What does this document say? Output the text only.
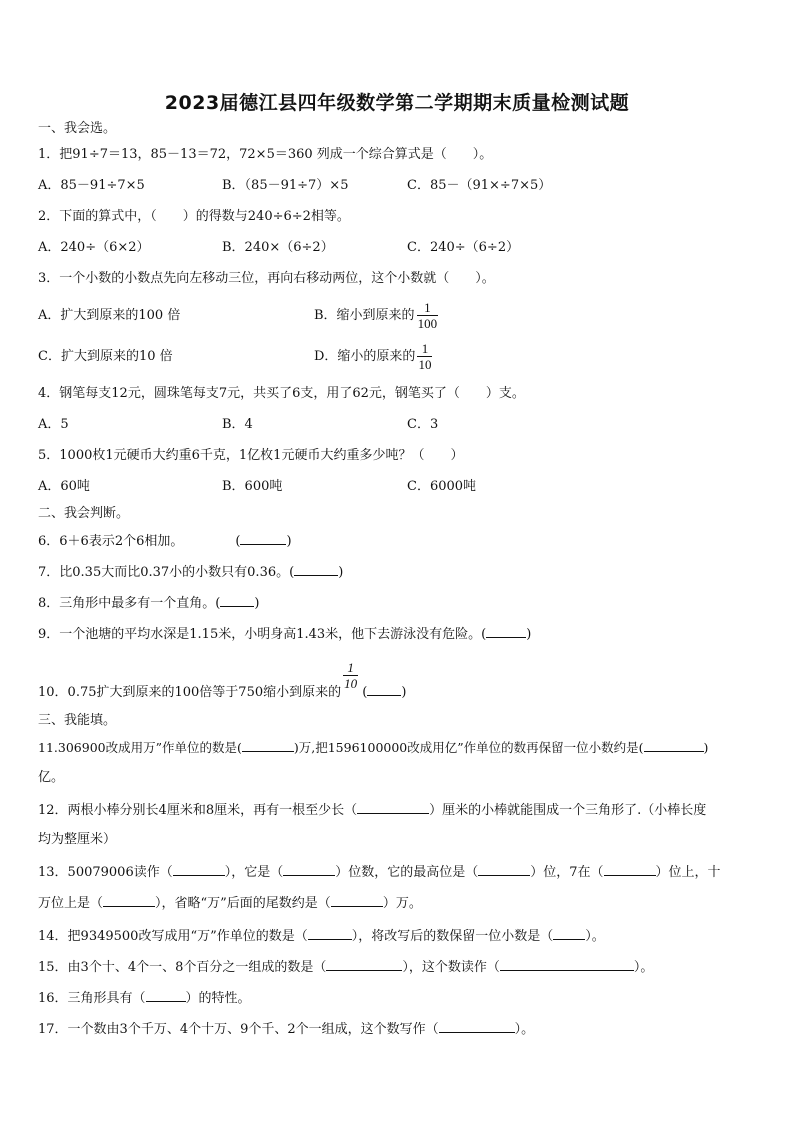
2023届德江县四年级数学第二学期期末质量检测试题
一、我会选。
1．把91÷7＝13，85－13＝72，72×5＝360 列成一个综合算式是（　　）。
A．85－91÷7×5	B．（85－91÷7）×5	C．85－（91×÷7×5）
2．下面的算式中，（　　）的得数与240÷6÷2相等。
A．240÷（6×2）	B．240×（6÷2）	C．240÷（6÷2）
3．一个小数的小数点先向左移动三位，再向右移动两位，这个小数就（　　）。
A．扩大到原来的100 倍	B．缩小到原来的 $\frac{1}{100}$
C．扩大到原来的10 倍	D．缩小的原来的 $\frac{1}{10}$
4．钢笔每支12元，圆珠笔每支7元，共买了6支，用了62元，钢笔买了（　　）支。
A．5	B．4	C．3
5．1000枚1元硬币大约重6千克，1亿枚1元硬币大约重多少吨？（　　）
A．60吨	B．600吨	C．6000吨
二、我会判断。
6．6＋6表示2个6相加。	(	)
7．比0.35大而比0.37小的小数只有0.36。(	)
8．三角形中最多有一个直角。(	)
9．一个池塘的平均水深是1.15米，小明身高1.43米，他下去游泳没有危险。(	)
10．0.75扩大到原来的100倍等于750缩小到原来的
$\frac{1}{10}$
(	)
三、我能填。
11.306900改成用万”作单位的数是(	)万,把1596100000改成用亿”作单位的数再保留一位小数约是(	)
亿。
12．两根小棒分别长4厘米和8厘米，再有一根至少长（	）厘米的小棒就能围成一个三角形了.（小棒长度
均为整厘米）
13．50079006读作（	），它是（	）位数，它的最高位是（	）位，7在（	）位上，十
万位上是（	），省略“万”后面的尾数约是（	）万。
14．把9349500改写成用“万”作单位的数是（	），将改写后的数保留一位小数是（ ）。
15．由3个十、4个一、8个百分之一组成的数是（	），这个数读作（	）。
16．三角形具有（	）的特性。
17．一个数由3个千万、4个十万、9个千、2个一组成，这个数写作（	）。
